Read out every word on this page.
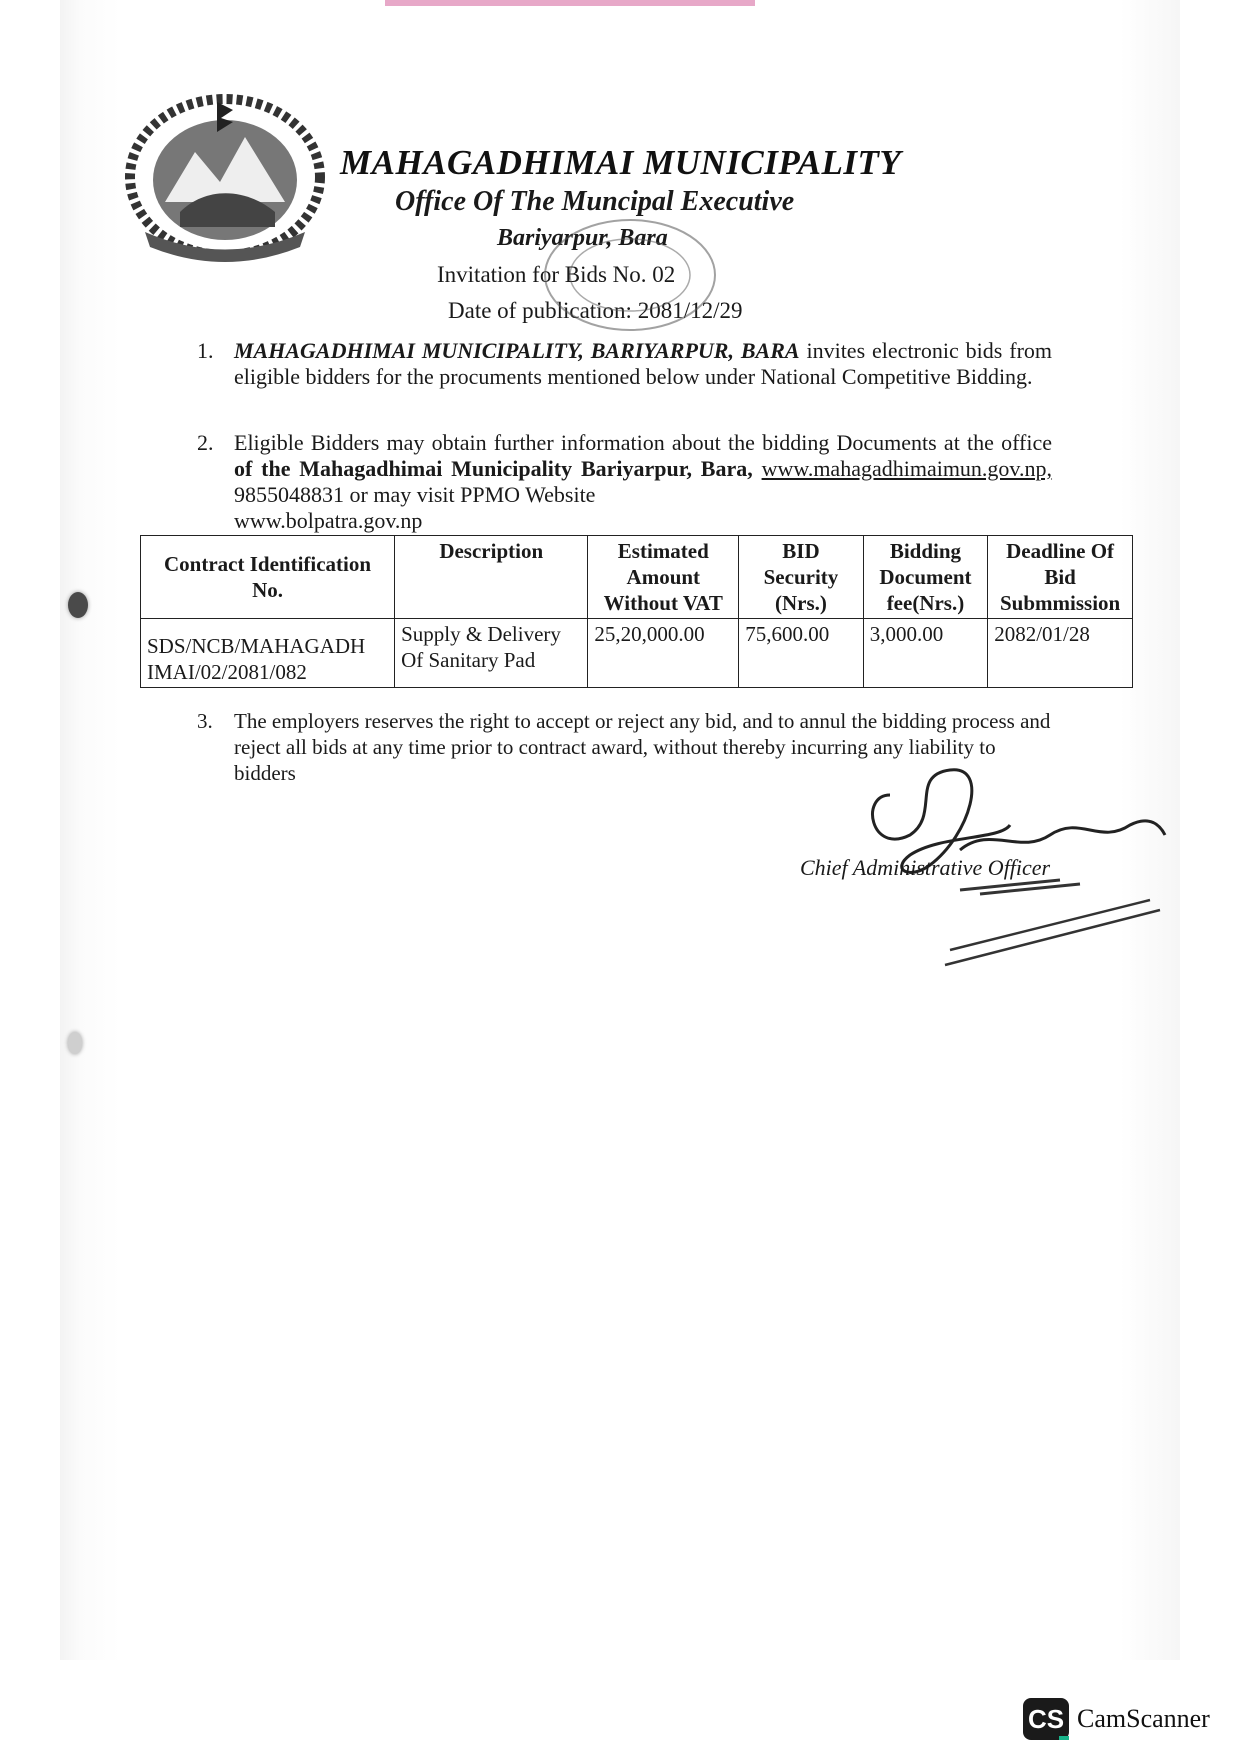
MAHAGADHIMAI MUNICIPALITY
Office Of The Muncipal Executive
Bariyarpur, Bara
Invitation for Bids No. 02
Date of publication: 2081/12/29
1. MAHAGADHIMAI MUNICIPALITY, BARIYARPUR, BARA invites electronic bids from eligible bidders for the procuments mentioned below under National Competitive Bidding.
2. Eligible Bidders may obtain further information about the bidding Documents at the office of the Mahagadhimai Municipality Bariyarpur, Bara, www.mahagadhimaimun.gov.np, 9855048831 or may visit PPMO Website
www.bolpatra.gov.np
Contract Identification No.	Description	Estimated Amount Without VAT	BID Security (Nrs.)	Bidding Document fee(Nrs.)	Deadline Of Bid Submmission
SDS/NCB/MAHAGADH IMAI/02/2081/082	Supply & Delivery Of Sanitary Pad	25,20,000.00	75,600.00	3,000.00	2082/01/28
3. The employers reserves the right to accept or reject any bid, and to annul the bidding process and reject all bids at any time prior to contract award, without thereby incurring any liability to bidders
Chief Administrative Officer
CS CamScanner
